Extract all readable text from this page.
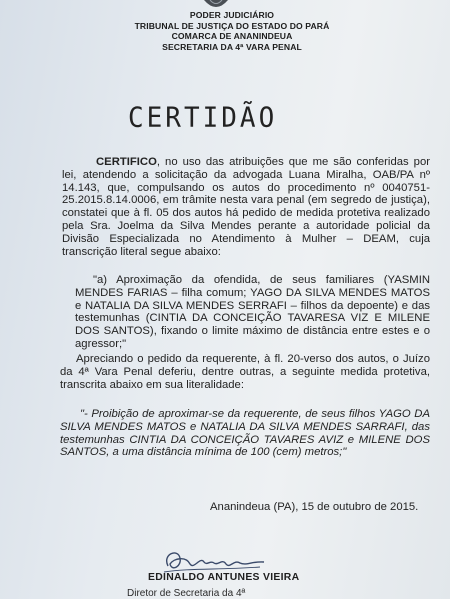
PODER JUDICIÁRIO
TRIBUNAL DE JUSTIÇA DO ESTADO DO PARÁ
COMARCA DE ANANINDEUA
SECRETARIA DA 4ª VARA PENAL
CERTIDÃO
CERTIFICO, no uso das atribuições que me são conferidas por lei, atendendo a solicitação da advogada Luana Miralha, OAB/PA nº 14.143, que, compulsando os autos do procedimento nº 0040751-25.2015.8.14.0006, em trâmite nesta vara penal (em segredo de justiça), constatei que à fl. 05 dos autos há pedido de medida protetiva realizado pela Sra. Joelma da Silva Mendes perante a autoridade policial da Divisão Especializada no Atendimento à Mulher – DEAM, cuja transcrição literal segue abaixo:
"a) Aproximação da ofendida, de seus familiares (YASMIN MENDES FARIAS – filha comum; YAGO DA SILVA MENDES MATOS e NATALIA DA SILVA MENDES SERRAFI – filhos da depoente) e das testemunhas (CINTIA DA CONCEIÇÃO TAVARESA VIZ E MILENE DOS SANTOS), fixando o limite máximo de distância entre estes e o agressor;"
Apreciando o pedido da requerente, à fl. 20-verso dos autos, o Juízo da 4ª Vara Penal deferiu, dentre outras, a seguinte medida protetiva, transcrita abaixo em sua literalidade:
"- Proibição de aproximar-se da requerente, de seus filhos YAGO DA SILVA MENDES MATOS e NATALIA DA SILVA MENDES SARRAFI, das testemunhas CINTIA DA CONCEIÇÃO TAVARES AVIZ e MILENE DOS SANTOS, a uma distância mínima de 100 (cem) metros;"
Ananindeua (PA), 15 de outubro de 2015.
EDINALDO ANTUNES VIEIRA
Diretor de Secretaria da 4ª
